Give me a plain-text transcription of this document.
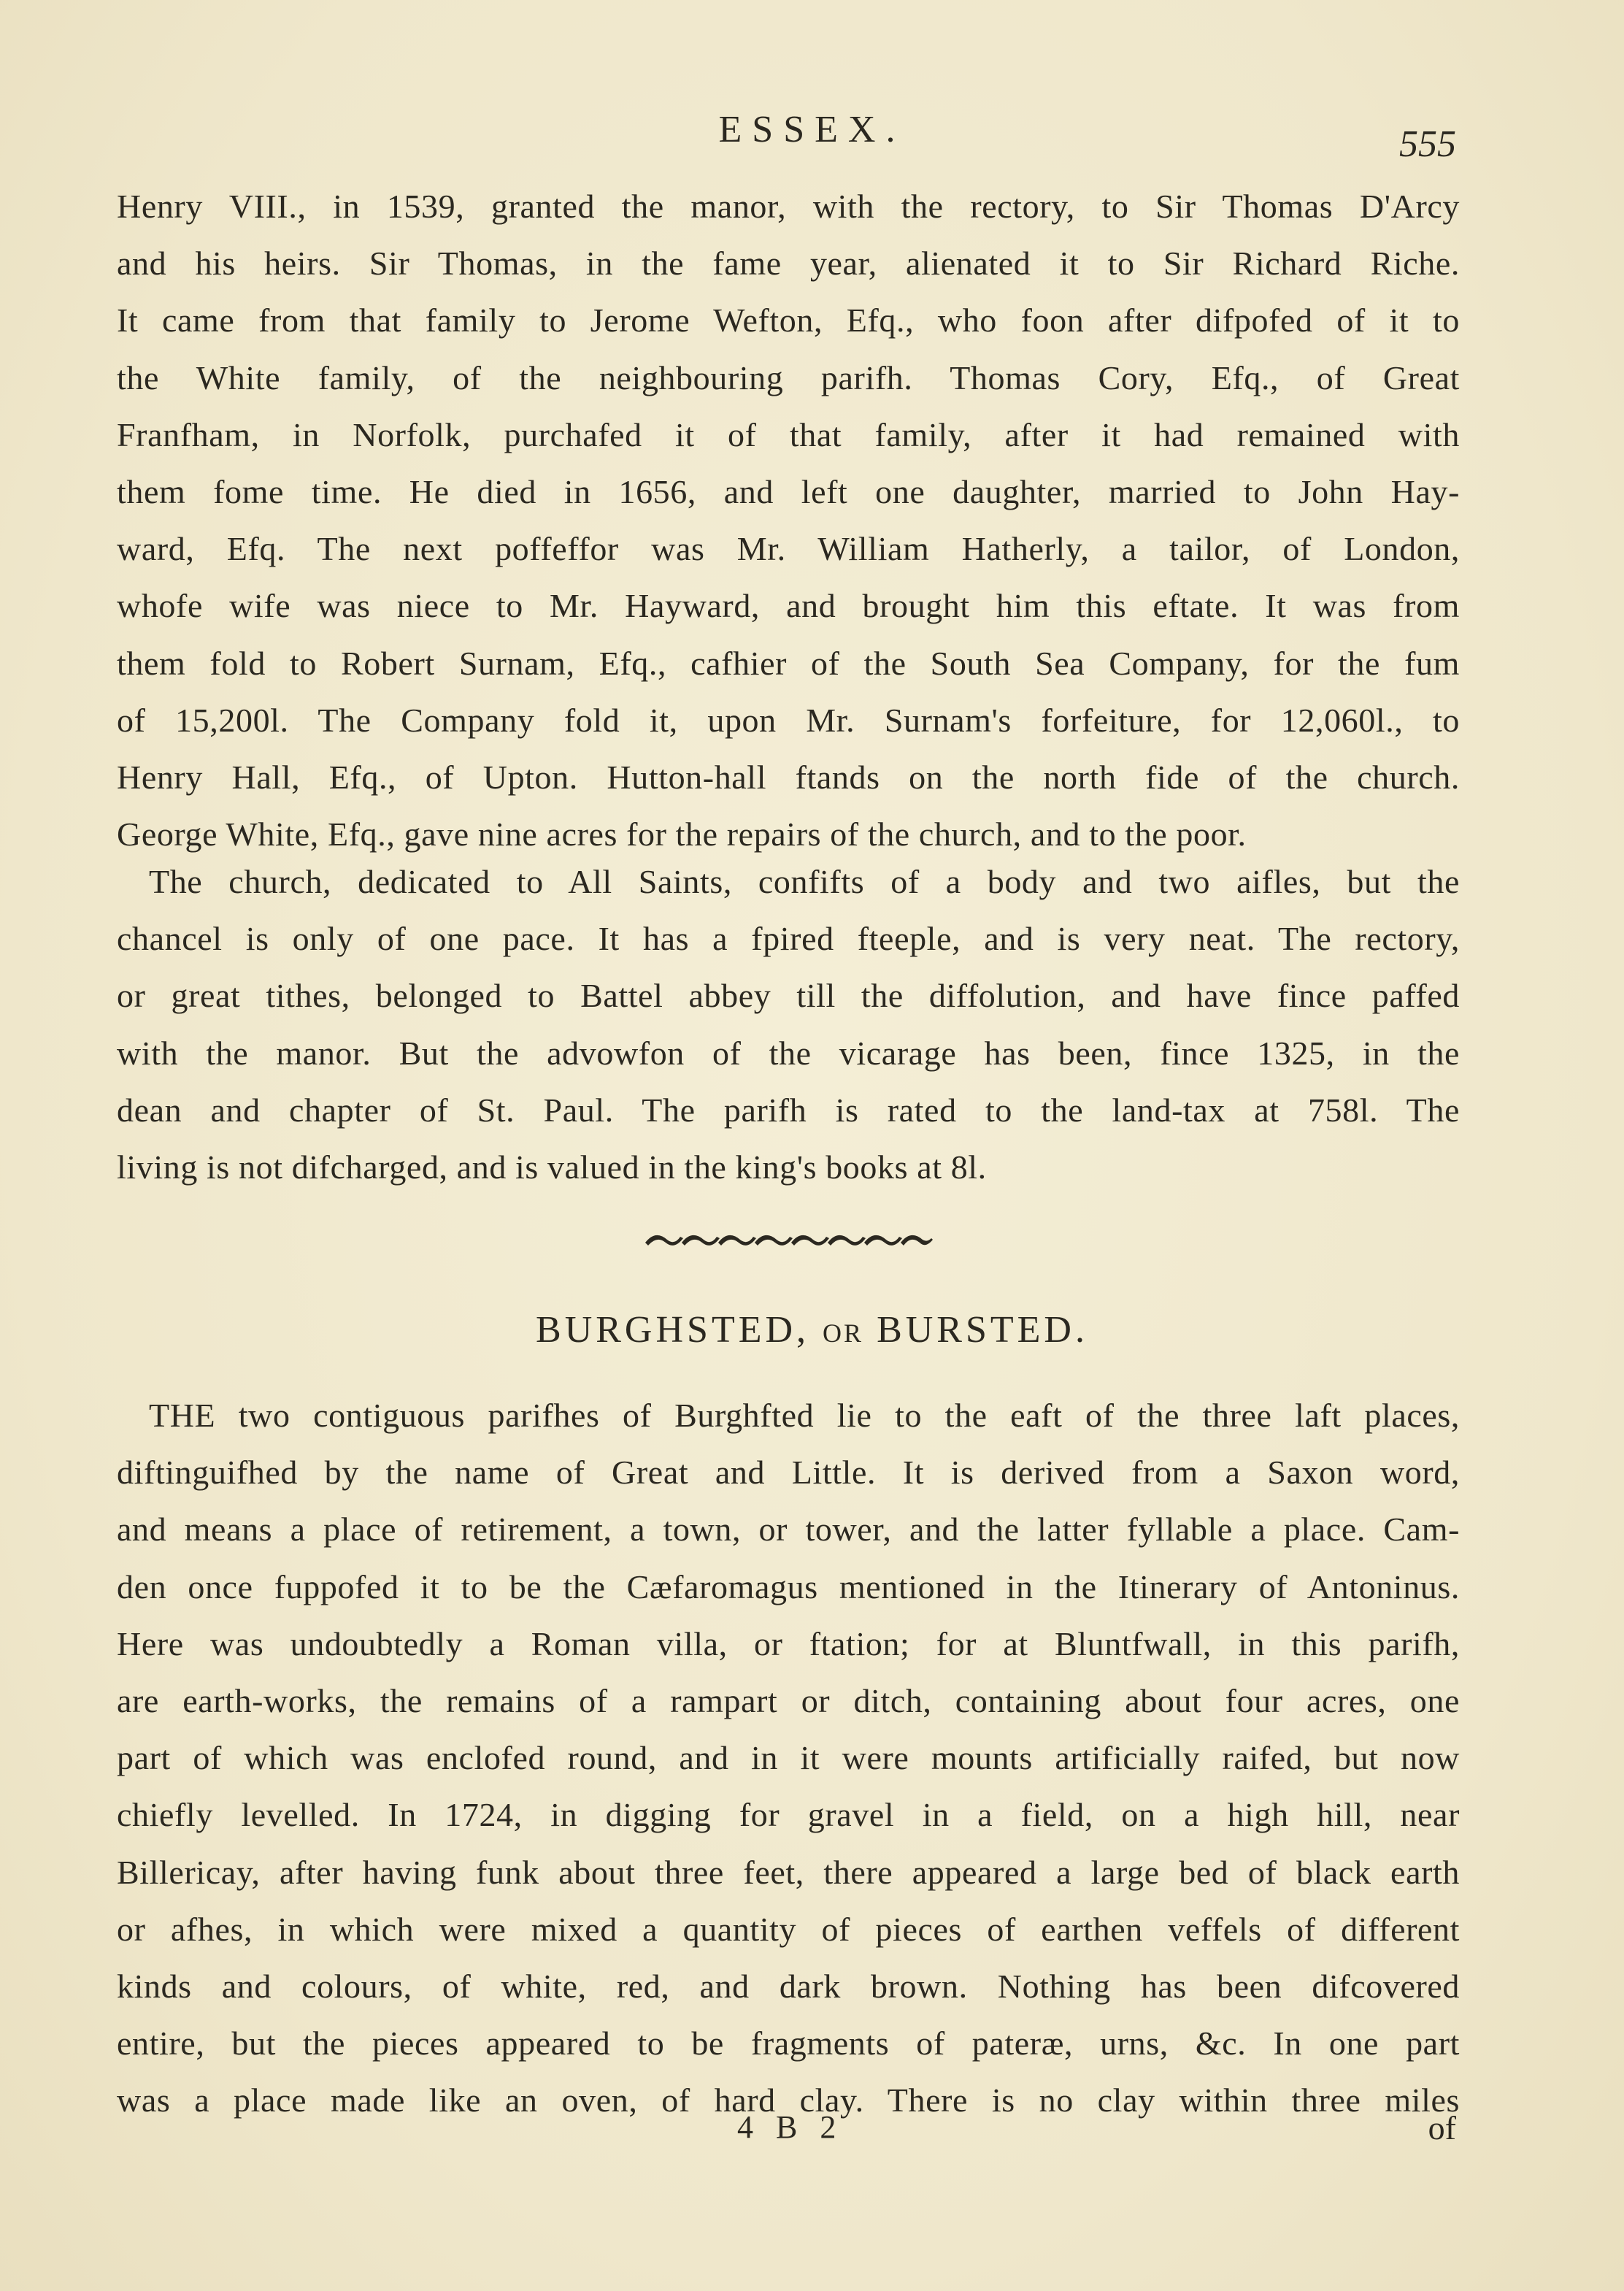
ESSEX.	555
Henry VIII., in 1539, granted the manor, with the rectory, to Sir Thomas D'Arcy
and his heirs. Sir Thomas, in the fame year, alienated it to Sir Richard Riche.
It came from that family to Jerome Wefton, Efq., who foon after difpofed of it to
the White family, of the neighbouring parifh. Thomas Cory, Efq., of Great
Franfham, in Norfolk, purchafed it of that family, after it had remained with
them fome time. He died in 1656, and left one daughter, married to John Hay-
ward, Efq. The next poffeffor was Mr. William Hatherly, a tailor, of London,
whofe wife was niece to Mr. Hayward, and brought him this eftate. It was from
them fold to Robert Surnam, Efq., cafhier of the South Sea Company, for the fum
of 15,200l. The Company fold it, upon Mr. Surnam's forfeiture, for 12,060l., to
Henry Hall, Efq., of Upton. Hutton-hall ftands on the north fide of the church.
George White, Efq., gave nine acres for the repairs of the church, and to the poor.
The church, dedicated to All Saints, confifts of a body and two aifles, but the
chancel is only of one pace. It has a fpired fteeple, and is very neat. The rectory,
or great tithes, belonged to Battel abbey till the diffolution, and have fince paffed
with the manor. But the advowfon of the vicarage has been, fince 1325, in the
dean and chapter of St. Paul. The parifh is rated to the land-tax at 758l. The
living is not difcharged, and is valued in the king's books at 8l.
BURGHSTED, OR BURSTED.
THE two contiguous parifhes of Burghfted lie to the eaft of the three laft places,
diftinguifhed by the name of Great and Little. It is derived from a Saxon word,
and means a place of retirement, a town, or tower, and the latter fyllable a place. Cam-
den once fuppofed it to be the Cæfaromagus mentioned in the Itinerary of Antoninus.
Here was undoubtedly a Roman villa, or ftation; for at Bluntfwall, in this parifh,
are earth-works, the remains of a rampart or ditch, containing about four acres, one
part of which was enclofed round, and in it were mounts artificially raifed, but now
chiefly levelled. In 1724, in digging for gravel in a field, on a high hill, near
Billericay, after having funk about three feet, there appeared a large bed of black earth
or afhes, in which were mixed a quantity of pieces of earthen veffels of different
kinds and colours, of white, red, and dark brown. Nothing has been difcovered
entire, but the pieces appeared to be fragments of pateræ, urns, &c. In one part
was a place made like an oven, of hard clay. There is no clay within three miles
4 B 2	of
